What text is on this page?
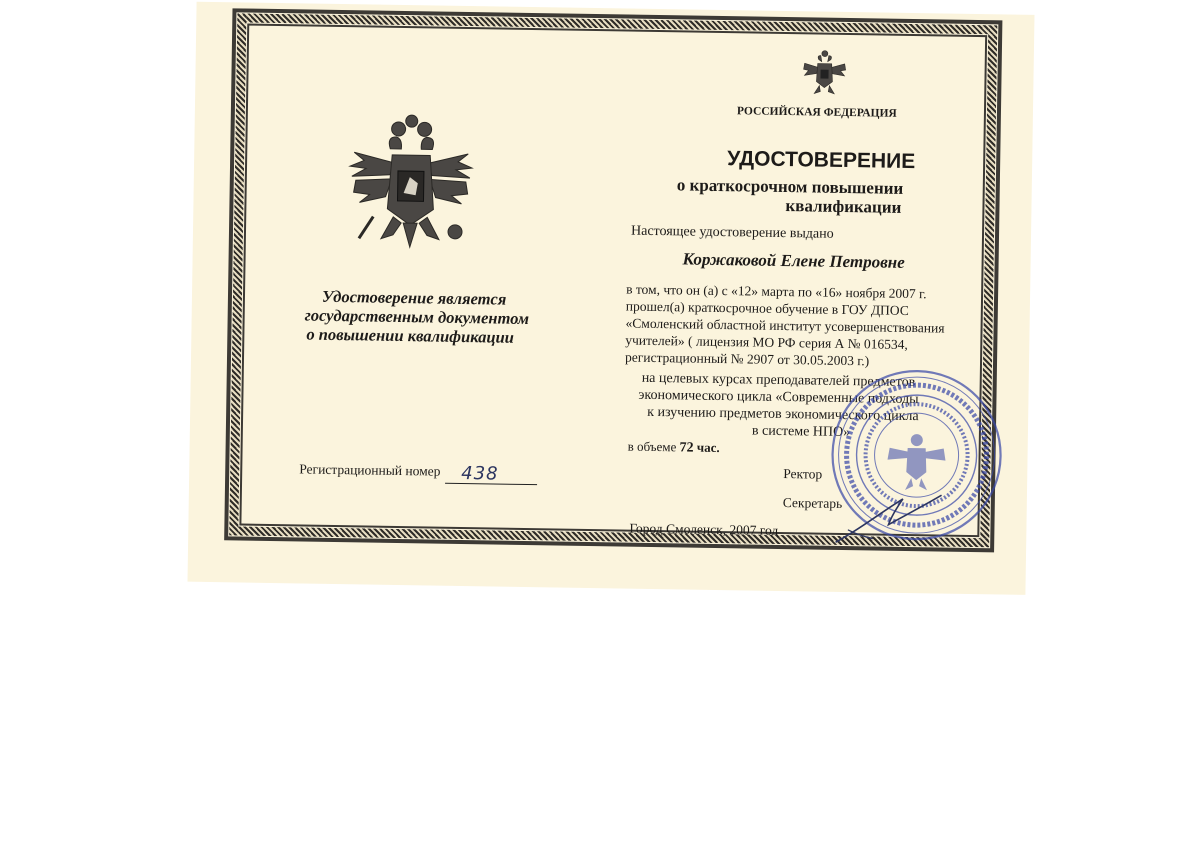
Удостоверение является
государственным документом
о повышении квалификации
Регистрационный номер 438
РОССИЙСКАЯ ФЕДЕРАЦИЯ
УДОСТОВЕРЕНИЕ
о краткосрочном повышении
квалификации
Настоящее удостоверение выдано
Коржаковой Елене Петровне
в том, что он (а) с «12» марта по «16» ноября 2007 г.
прошел(а) краткосрочное обучение в ГОУ ДПОС
«Смоленский областной институт усовершенствования
учителей» ( лицензия МО РФ серия А № 016534,
регистрационный № 2907 от 30.05.2003 г.)
на целевых курсах преподавателей предметов
экономического цикла «Современные подходы
к изучению предметов экономического цикла
в системе НПО»
в объеме 72 час.
Ректор
Секретарь
Город Смоленск, 2007 год
